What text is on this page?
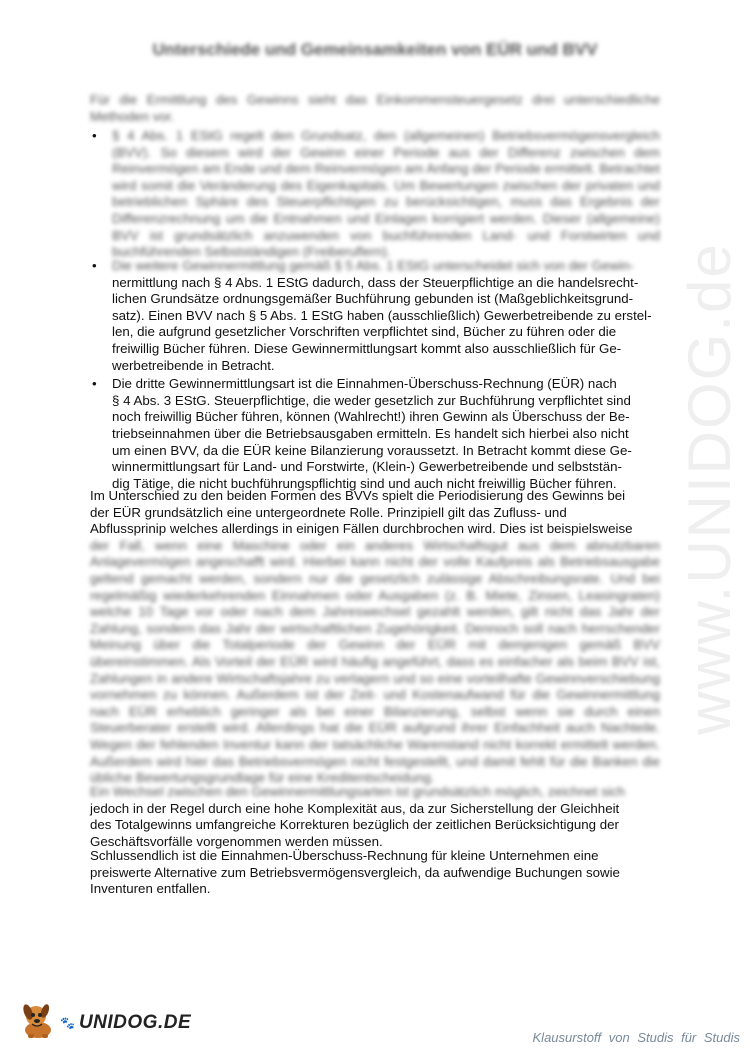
Unterschiede und Gemeinsamkeiten von EÜR und BVV
Für die Ermittlung des Gewinns sieht das Einkommensteuergesetz drei unterschiedliche Methoden vor.
• § 4 Abs. 1 EStG regelt den Grundsatz, den (allgemeinen) Betriebsvermögensvergleich (BVV). So diesem wird der Gewinn einer Periode aus der Differenz zwischen dem Reinvermögen am Ende und dem Reinvermögen am Anfang der Periode ermittelt. Betrachtet wird somit die Veränderung des Eigenkapitals. Um Bewertungen zwischen der privaten und betrieblichen Sphäre des Steuerpflichtigen zu berücksichtigen, muss das Ergebnis der Differenzrechnung um die Entnahmen und Einlagen korrigiert werden. Dieser (allgemeine) BVV ist grundsätzlich anzuwenden von buchführenden Land- und Forstwirten und buchführenden Selbstständigen (Freiberuflern).
• Die weitere Gewinnermittlung gemäß § 5 Abs. 1 EStG unterscheidet sich von der Gewin-
nermittlung nach § 4 Abs. 1 EStG dadurch, dass der Steuerpflichtige an die handelsrecht-
lichen Grundsätze ordnungsgemäßer Buchführung gebunden ist (Maßgeblichkeitsgrund-
satz). Einen BVV nach § 5 Abs. 1 EStG haben (ausschließlich) Gewerbetreibende zu erstel-
len, die aufgrund gesetzlicher Vorschriften verpflichtet sind, Bücher zu führen oder die
freiwillig Bücher führen. Diese Gewinnermittlungsart kommt also ausschließlich für Ge-
werbetreibende in Betracht.
• Die dritte Gewinnermittlungsart ist die Einnahmen-Überschuss-Rechnung (EÜR) nach
§ 4 Abs. 3 EStG. Steuerpflichtige, die weder gesetzlich zur Buchführung verpflichtet sind
noch freiwillig Bücher führen, können (Wahlrecht!) ihren Gewinn als Überschuss der Be-
triebseinnahmen über die Betriebsausgaben ermitteln. Es handelt sich hierbei also nicht
um einen BVV, da die EÜR keine Bilanzierung voraussetzt. In Betracht kommt diese Ge-
winnermittlungsart für Land- und Forstwirte, (Klein-) Gewerbetreibende und selbststän-
dig Tätige, die nicht buchführungspflichtig sind und auch nicht freiwillig Bücher führen.
Im Unterschied zu den beiden Formen des BVVs spielt die Periodisierung des Gewinns bei
der EÜR grundsätzlich eine untergeordnete Rolle. Prinzipiell gilt das Zufluss- und
Abflussprinip welches allerdings in einigen Fällen durchbrochen wird. Dies ist beispielsweise
der Fall, wenn eine Maschine oder ein anderes Wirtschaftsgut aus dem abnutzbaren Anlagevermögen angeschafft wird. Hierbei kann nicht der volle Kaufpreis als Betriebsausgabe geltend gemacht werden, sondern nur die gesetzlich zulässige Abschreibungsrate. Und bei regelmäßig wiederkehrenden Einnahmen oder Ausgaben (z. B. Miete, Zinsen, Leasingraten) welche 10 Tage vor oder nach dem Jahreswechsel gezahlt werden, gilt nicht das Jahr der Zahlung, sondern das Jahr der wirtschaftlichen Zugehörigkeit. Dennoch soll nach herrschender Meinung über die Totalperiode der Gewinn der EÜR mit demjenigen gemäß BVV übereinstimmen. Als Vorteil der EÜR wird häufig angeführt, dass es einfacher als beim BVV ist, Zahlungen in andere Wirtschaftsjahre zu verlagern und so eine vorteilhafte Gewinnverschiebung vornehmen zu können. Außerdem ist der Zeit- und Kostenaufwand für die Gewinnermittlung nach EÜR erheblich geringer als bei einer Bilanzierung, selbst wenn sie durch einen Steuerberater erstellt wird. Allerdings hat die EÜR aufgrund ihrer Einfachheit auch Nachteile. Wegen der fehlenden Inventur kann der tatsächliche Warenstand nicht korrekt ermittelt werden. Außerdem wird hier das Betriebsvermögen nicht festgestellt, und damit fehlt für die Banken die übliche Bewertungsgrundlage für eine Kreditentscheidung.
Ein Wechsel zwischen den Gewinnermittlungsarten ist grundsätzlich möglich, zeichnet sich
jedoch in der Regel durch eine hohe Komplexität aus, da zur Sicherstellung der Gleichheit
des Totalgewinns umfangreiche Korrekturen bezüglich der zeitlichen Berücksichtigung der
Geschäftsvorfälle vorgenommen werden müssen.
Schlussendlich ist die Einnahmen-Überschuss-Rechnung für kleine Unternehmen eine
preiswerte Alternative zum Betriebsvermögensvergleich, da aufwendige Buchungen sowie
Inventuren entfallen.
www.UNIDOG.de
🐾 UNIDOG.DE
Klausurstoff von Studis für Studis
